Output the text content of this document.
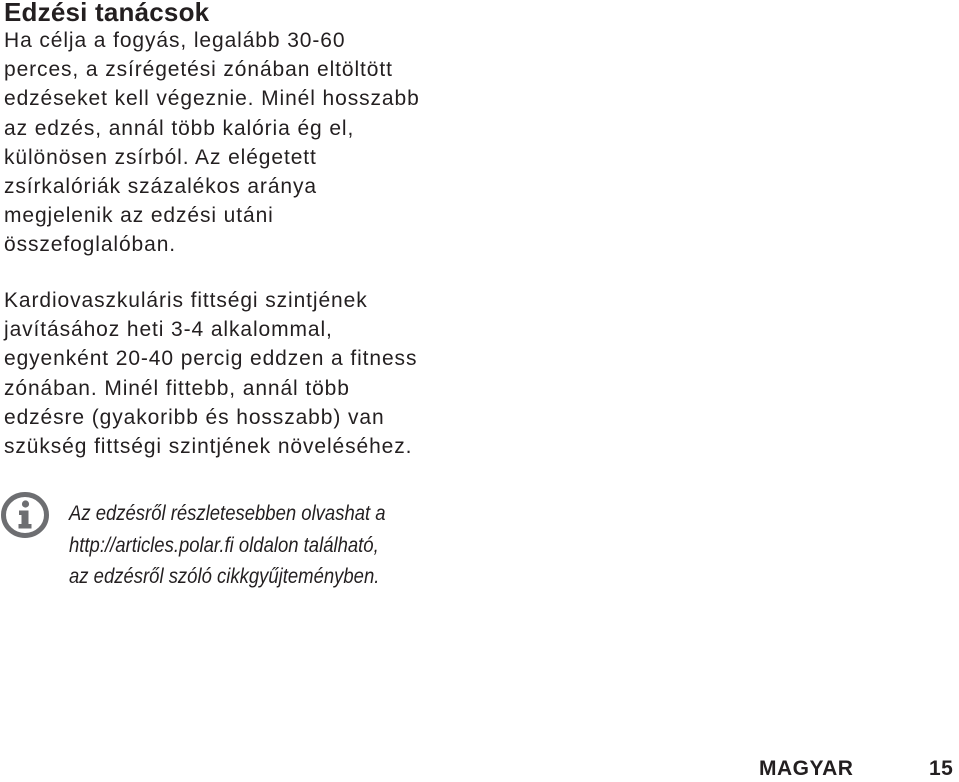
Edzési tanácsok

Ha célja a fogyás, legalább 30-60
perces, a zsírégetési zónában eltöltött
edzéseket kell végeznie. Minél hosszabb
az edzés, annál több kalória ég el,
különösen zsírból. Az elégetett
zsírkalóriák százalékos aránya
megjelenik az edzési utáni
összefoglalóban.

Kardiovaszkuláris fittségi szintjének
javításához heti 3-4 alkalommal,
egyenként 20-40 percig eddzen a fitness
zónában. Minél fittebb, annál több
edzésre (gyakoribb és hosszabb) van
szükség fittségi szintjének növeléséhez.

Az edzésről részletesebben olvashat a
http://articles.polar.fi oldalon található,
az edzésről szóló cikkgyűjteményben.

MAGYAR	15
